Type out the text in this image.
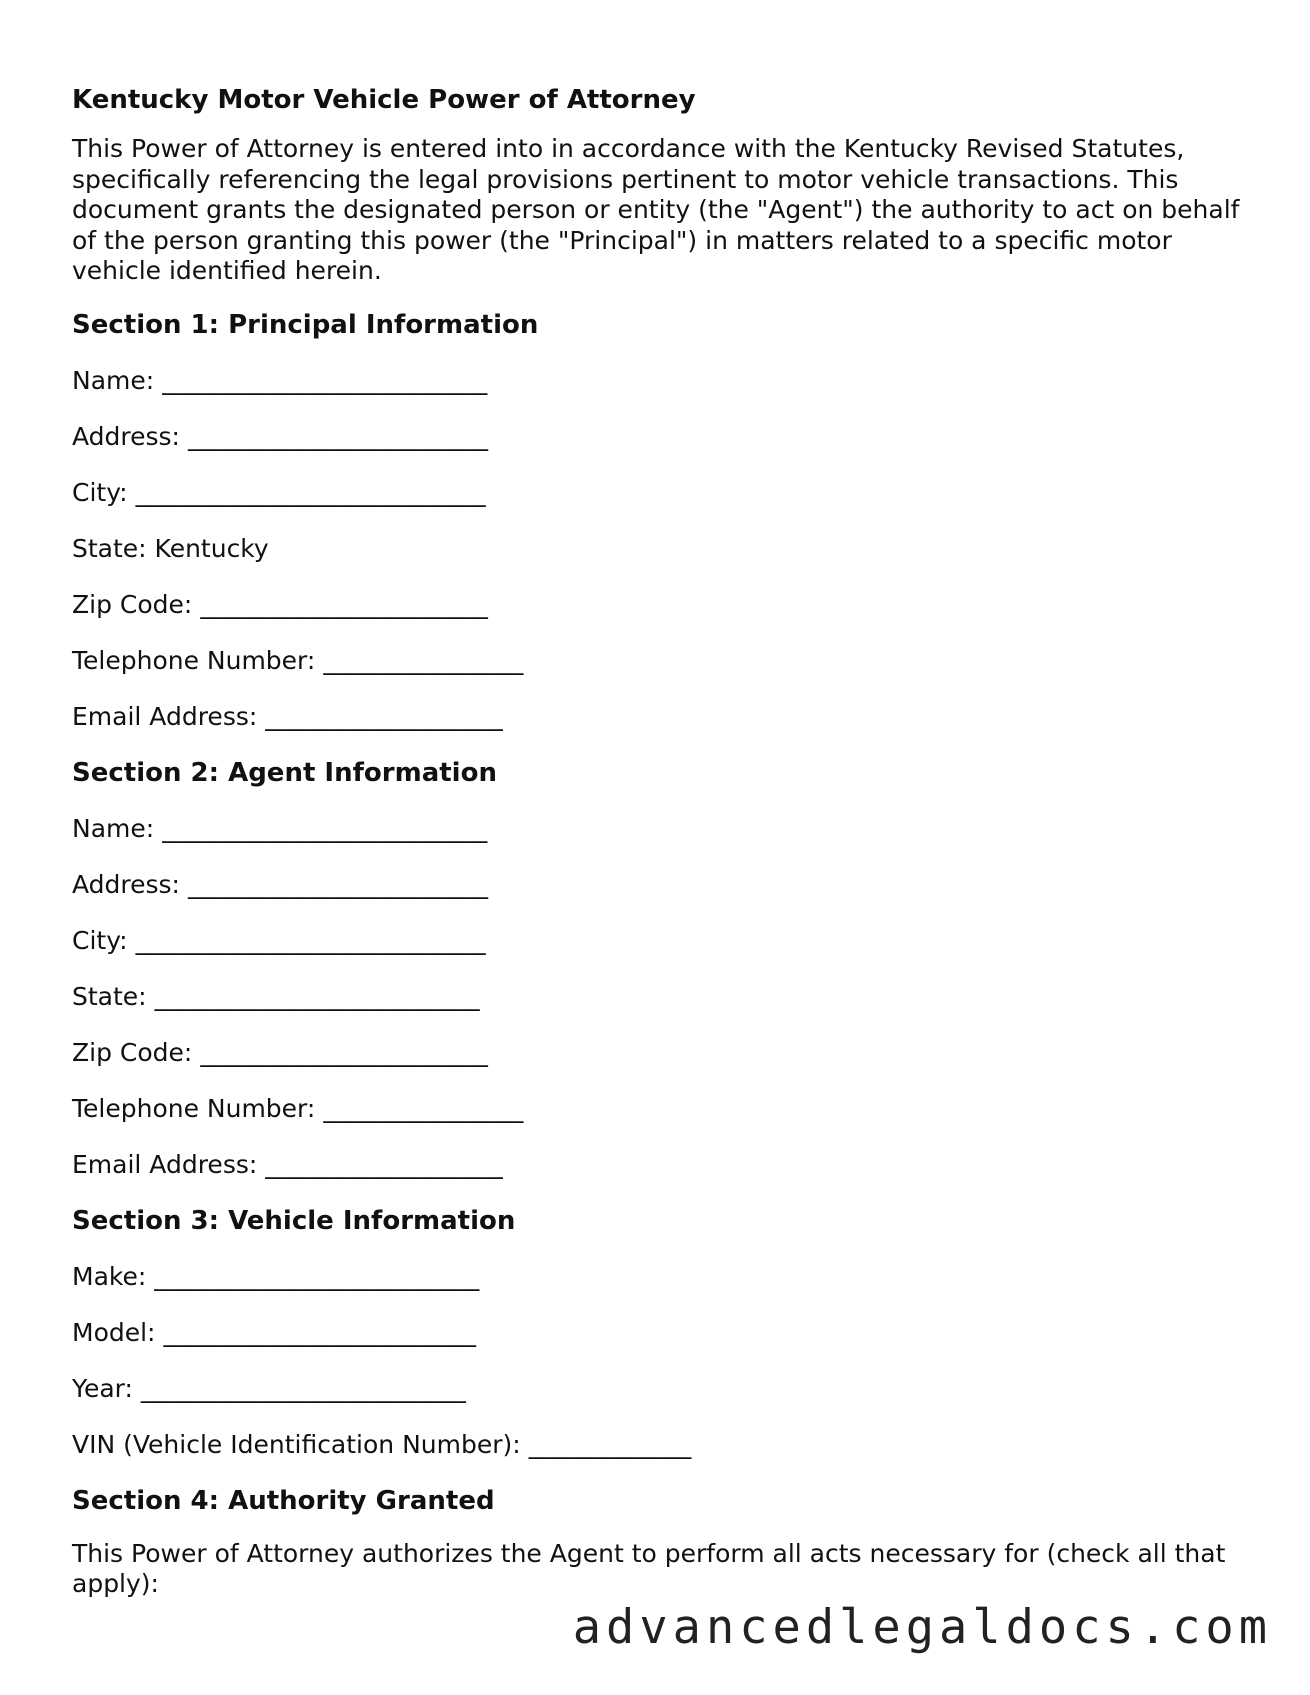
Kentucky Motor Vehicle Power of Attorney
This Power of Attorney is entered into in accordance with the Kentucky Revised Statutes, specifically referencing the legal provisions pertinent to motor vehicle transactions. This document grants the designated person or entity (the "Agent") the authority to act on behalf of the person granting this power (the "Principal") in matters related to a specific motor vehicle identified herein.
Section 1: Principal Information
Name: __________________________
Address: ________________________
City: ____________________________
State: Kentucky
Zip Code: _______________________
Telephone Number: ________________
Email Address: ___________________
Section 2: Agent Information
Name: __________________________
Address: ________________________
City: ____________________________
State: __________________________
Zip Code: _______________________
Telephone Number: ________________
Email Address: ___________________
Section 3: Vehicle Information
Make: __________________________
Model: _________________________
Year: __________________________
VIN (Vehicle Identification Number): _____________
Section 4: Authority Granted
This Power of Attorney authorizes the Agent to perform all acts necessary for (check all that apply):
advancedlegaldocs.com
